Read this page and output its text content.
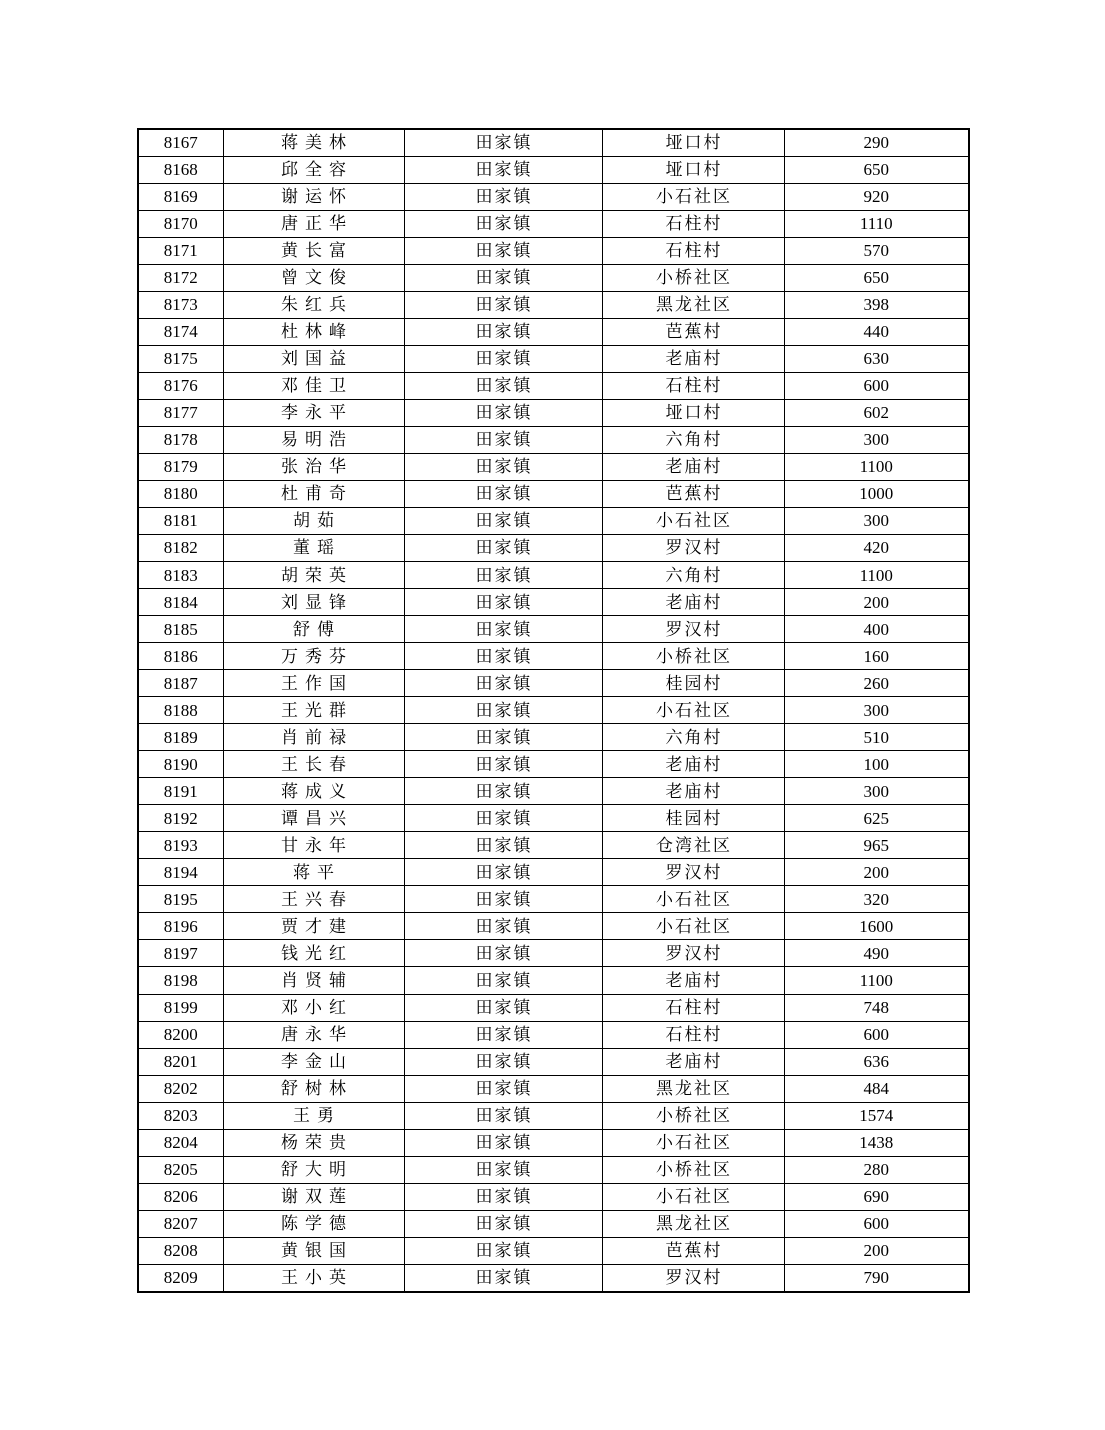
8167	蒋美林	田家镇	垭口村	290
8168	邱全容	田家镇	垭口村	650
8169	谢运怀	田家镇	小石社区	920
8170	唐正华	田家镇	石柱村	1110
8171	黄长富	田家镇	石柱村	570
8172	曾文俊	田家镇	小桥社区	650
8173	朱红兵	田家镇	黑龙社区	398
8174	杜林峰	田家镇	芭蕉村	440
8175	刘国益	田家镇	老庙村	630
8176	邓佳卫	田家镇	石柱村	600
8177	李永平	田家镇	垭口村	602
8178	易明浩	田家镇	六角村	300
8179	张治华	田家镇	老庙村	1100
8180	杜甫奇	田家镇	芭蕉村	1000
8181	胡茹	田家镇	小石社区	300
8182	董瑶	田家镇	罗汉村	420
8183	胡荣英	田家镇	六角村	1100
8184	刘显锋	田家镇	老庙村	200
8185	舒傅	田家镇	罗汉村	400
8186	万秀芬	田家镇	小桥社区	160
8187	王作国	田家镇	桂园村	260
8188	王光群	田家镇	小石社区	300
8189	肖前禄	田家镇	六角村	510
8190	王长春	田家镇	老庙村	100
8191	蒋成义	田家镇	老庙村	300
8192	谭昌兴	田家镇	桂园村	625
8193	甘永年	田家镇	仓湾社区	965
8194	蒋平	田家镇	罗汉村	200
8195	王兴春	田家镇	小石社区	320
8196	贾才建	田家镇	小石社区	1600
8197	钱光红	田家镇	罗汉村	490
8198	肖贤辅	田家镇	老庙村	1100
8199	邓小红	田家镇	石柱村	748
8200	唐永华	田家镇	石柱村	600
8201	李金山	田家镇	老庙村	636
8202	舒树林	田家镇	黑龙社区	484
8203	王勇	田家镇	小桥社区	1574
8204	杨荣贵	田家镇	小石社区	1438
8205	舒大明	田家镇	小桥社区	280
8206	谢双莲	田家镇	小石社区	690
8207	陈学德	田家镇	黑龙社区	600
8208	黄银国	田家镇	芭蕉村	200
8209	王小英	田家镇	罗汉村	790
